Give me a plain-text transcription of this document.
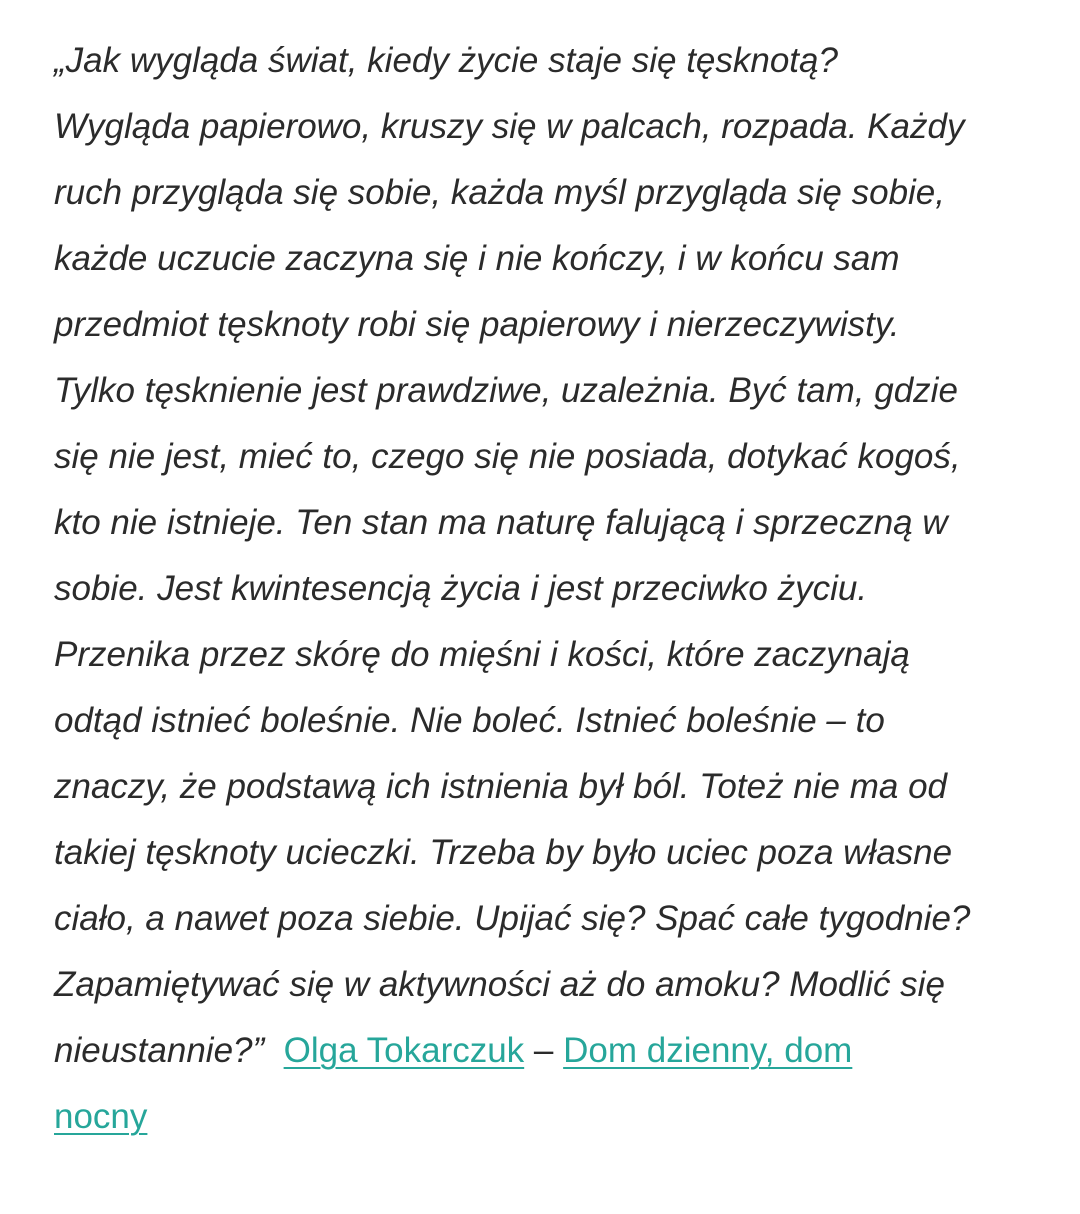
„Jak wygląda świat, kiedy życie staje się tęsknotą?
Wygląda papierowo, kruszy się w palcach, rozpada. Każdy
ruch przygląda się sobie, każda myśl przygląda się sobie,
każde uczucie zaczyna się i nie kończy, i w końcu sam
przedmiot tęsknoty robi się papierowy i nierzeczywisty.
Tylko tęsknienie jest prawdziwe, uzależnia. Być tam, gdzie
się nie jest, mieć to, czego się nie posiada, dotykać kogoś,
kto nie istnieje. Ten stan ma naturę falującą i sprzeczną w
sobie. Jest kwintesencją życia i jest przeciwko życiu.
Przenika przez skórę do mięśni i kości, które zaczynają
odtąd istnieć boleśnie. Nie boleć. Istnieć boleśnie – to
znaczy, że podstawą ich istnienia był ból. Toteż nie ma od
takiej tęsknoty ucieczki. Trzeba by było uciec poza własne
ciało, a nawet poza siebie. Upijać się? Spać całe tygodnie?
Zapamiętywać się w aktywności aż do amoku? Modlić się
nieustannie?” Olga Tokarczuk – Dom dzienny, dom
nocny
